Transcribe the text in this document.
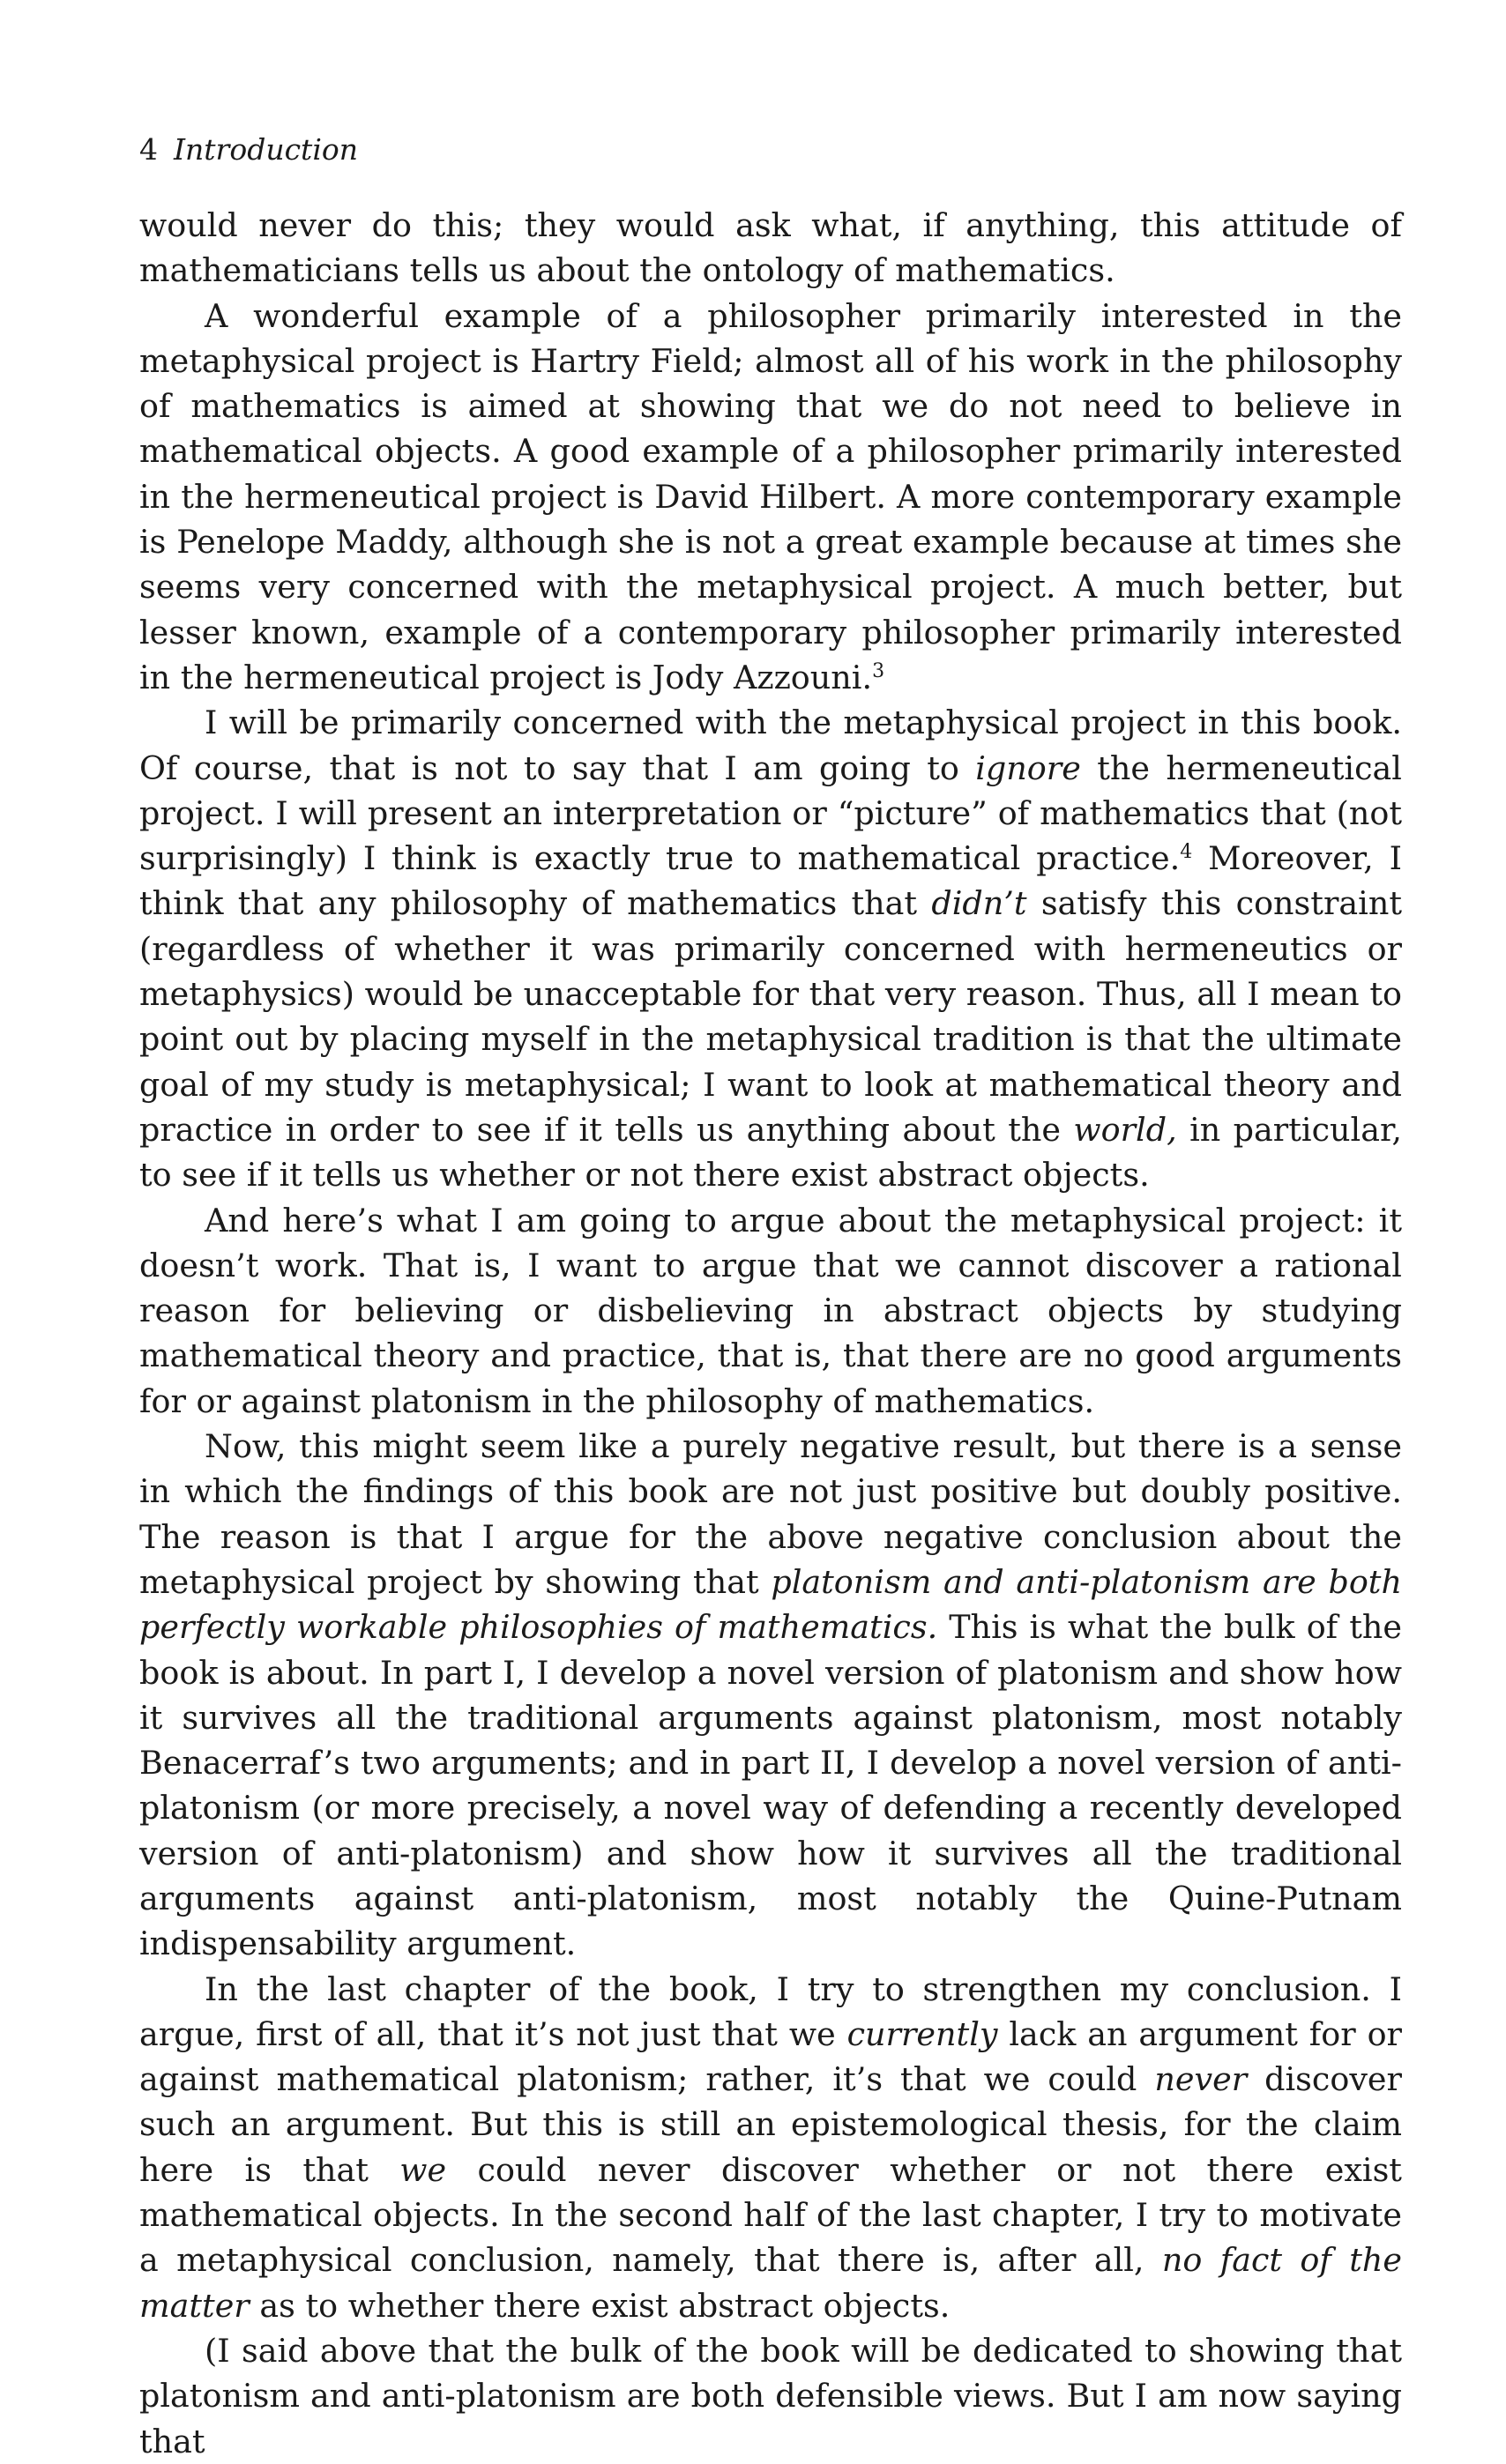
4 Introduction

would never do this; they would ask what, if anything, this attitude of mathematicians tells us about the ontology of mathematics.

A wonderful example of a philosopher primarily interested in the metaphysical project is Hartry Field; almost all of his work in the philosophy of mathematics is aimed at showing that we do not need to believe in mathematical objects. A good example of a philosopher primarily interested in the hermeneutical project is David Hilbert. A more contemporary example is Penelope Maddy, although she is not a great example because at times she seems very concerned with the metaphysical project. A much better, but lesser known, example of a contemporary philosopher primarily interested in the hermeneutical project is Jody Azzouni.$^3$

I will be primarily concerned with the metaphysical project in this book. Of course, that is not to say that I am going to ignore the hermeneutical project. I will present an interpretation or “picture” of mathematics that (not surprisingly) I think is exactly true to mathematical practice.$^4$ Moreover, I think that any philosophy of mathematics that didn’t satisfy this constraint (regardless of whether it was primarily concerned with hermeneutics or metaphysics) would be unacceptable for that very reason. Thus, all I mean to point out by placing myself in the metaphysical tradition is that the ultimate goal of my study is metaphysical; I want to look at mathematical theory and practice in order to see if it tells us anything about the world, in particular, to see if it tells us whether or not there exist abstract objects.

And here’s what I am going to argue about the metaphysical project: it doesn’t work. That is, I want to argue that we cannot discover a rational reason for believing or disbelieving in abstract objects by studying mathematical theory and practice, that is, that there are no good arguments for or against platonism in the philosophy of mathematics.

Now, this might seem like a purely negative result, but there is a sense in which the findings of this book are not just positive but doubly positive. The reason is that I argue for the above negative conclusion about the metaphysical project by showing that platonism and anti-platonism are both perfectly workable philosophies of mathematics. This is what the bulk of the book is about. In part I, I develop a novel version of platonism and show how it survives all the traditional arguments against platonism, most notably Benacerraf’s two arguments; and in part II, I develop a novel version of anti-platonism (or more precisely, a novel way of defending a recently developed version of anti-platonism) and show how it survives all the traditional arguments against anti-platonism, most notably the Quine-Putnam indispensability argument.

In the last chapter of the book, I try to strengthen my conclusion. I argue, first of all, that it’s not just that we currently lack an argument for or against mathematical platonism; rather, it’s that we could never discover such an argument. But this is still an epistemological thesis, for the claim here is that we could never discover whether or not there exist mathematical objects. In the second half of the last chapter, I try to motivate a metaphysical conclusion, namely, that there is, after all, no fact of the matter as to whether there exist abstract objects.

(I said above that the bulk of the book will be dedicated to showing that platonism and anti-platonism are both defensible views. But I am now saying that
